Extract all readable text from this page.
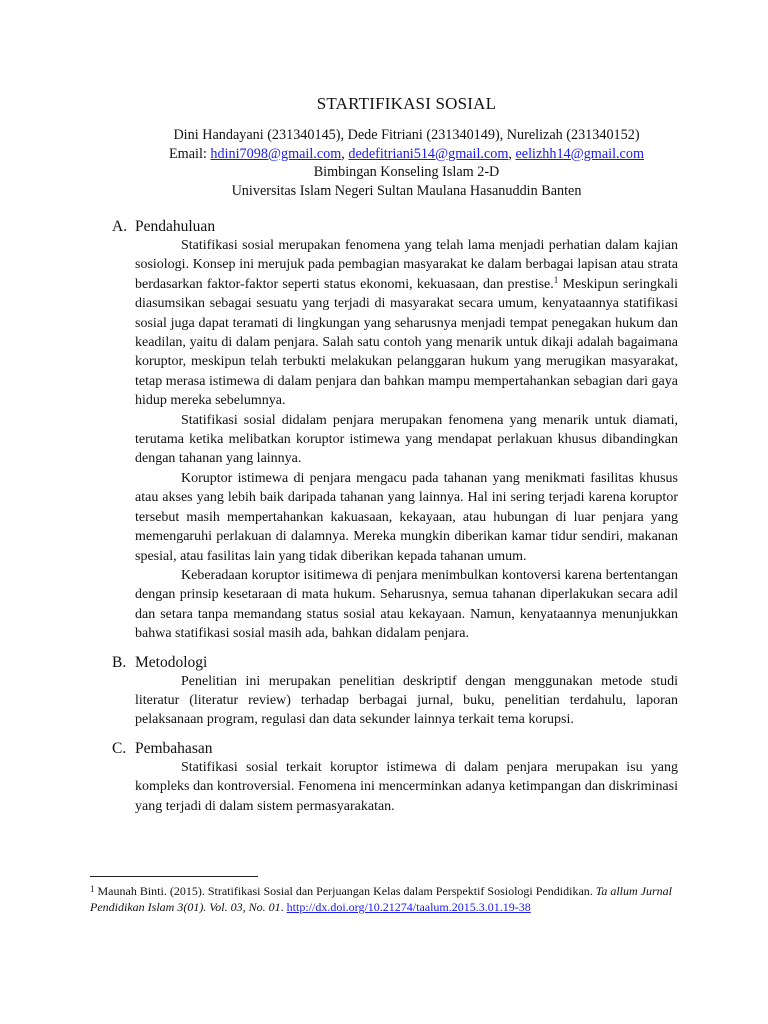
STARTIFIKASI SOSIAL
Dini Handayani (231340145), Dede Fitriani (231340149), Nurelizah (231340152)
Email: hdini7098@gmail.com, dedefitriani514@gmail.com, eelizhh14@gmail.com
Bimbingan Konseling Islam 2-D
Universitas Islam Negeri Sultan Maulana Hasanuddin Banten
A. Pendahuluan

Statifikasi sosial merupakan fenomena yang telah lama menjadi perhatian dalam kajian sosiologi. Konsep ini merujuk pada pembagian masyarakat ke dalam berbagai lapisan atau strata berdasarkan faktor-faktor seperti status ekonomi, kekuasaan, dan prestise.$^1$ Meskipun seringkali diasumsikan sebagai sesuatu yang terjadi di masyarakat secara umum, kenyataannya statifikasi sosial juga dapat teramati di lingkungan yang seharusnya menjadi tempat penegakan hukum dan keadilan, yaitu di dalam penjara. Salah satu contoh yang menarik untuk dikaji adalah bagaimana koruptor, meskipun telah terbukti melakukan pelanggaran hukum yang merugikan masyarakat, tetap merasa istimewa di dalam penjara dan bahkan mampu mempertahankan sebagian dari gaya hidup mereka sebelumnya.

Statifikasi sosial didalam penjara merupakan fenomena yang menarik untuk diamati, terutama ketika melibatkan koruptor istimewa yang mendapat perlakuan khusus dibandingkan dengan tahanan yang lainnya.

Koruptor istimewa di penjara mengacu pada tahanan yang menikmati fasilitas khusus atau akses yang lebih baik daripada tahanan yang lainnya. Hal ini sering terjadi karena koruptor tersebut masih mempertahankan kakuasaan, kekayaan, atau hubungan di luar penjara yang memengaruhi perlakuan di dalamnya. Mereka mungkin diberikan kamar tidur sendiri, makanan spesial, atau fasilitas lain yang tidak diberikan kepada tahanan umum.

Keberadaan koruptor isitimewa di penjara menimbulkan kontoversi karena bertentangan dengan prinsip kesetaraan di mata hukum. Seharusnya, semua tahanan diperlakukan secara adil dan setara tanpa memandang status sosial atau kekayaan. Namun, kenyataannya menunjukkan bahwa statifikasi sosial masih ada, bahkan didalam penjara.

B. Metodologi

Penelitian ini merupakan penelitian deskriptif dengan menggunakan metode studi literatur (literatur review) terhadap berbagai jurnal, buku, penelitian terdahulu, laporan pelaksanaan program, regulasi dan data sekunder lainnya terkait tema korupsi.

C. Pembahasan

Statifikasi sosial terkait koruptor istimewa di dalam penjara merupakan isu yang kompleks dan kontroversial. Fenomena ini mencerminkan adanya ketimpangan dan diskriminasi yang terjadi di dalam sistem permasyarakatan.

$^1$ Maunah Binti. (2015). Stratifikasi Sosial dan Perjuangan Kelas dalam Perspektif Sosiologi Pendidikan. Ta allum Jurnal Pendidikan Islam 3(01). Vol. 03, No. 01. http://dx.doi.org/10.21274/taalum.2015.3.01.19-38
